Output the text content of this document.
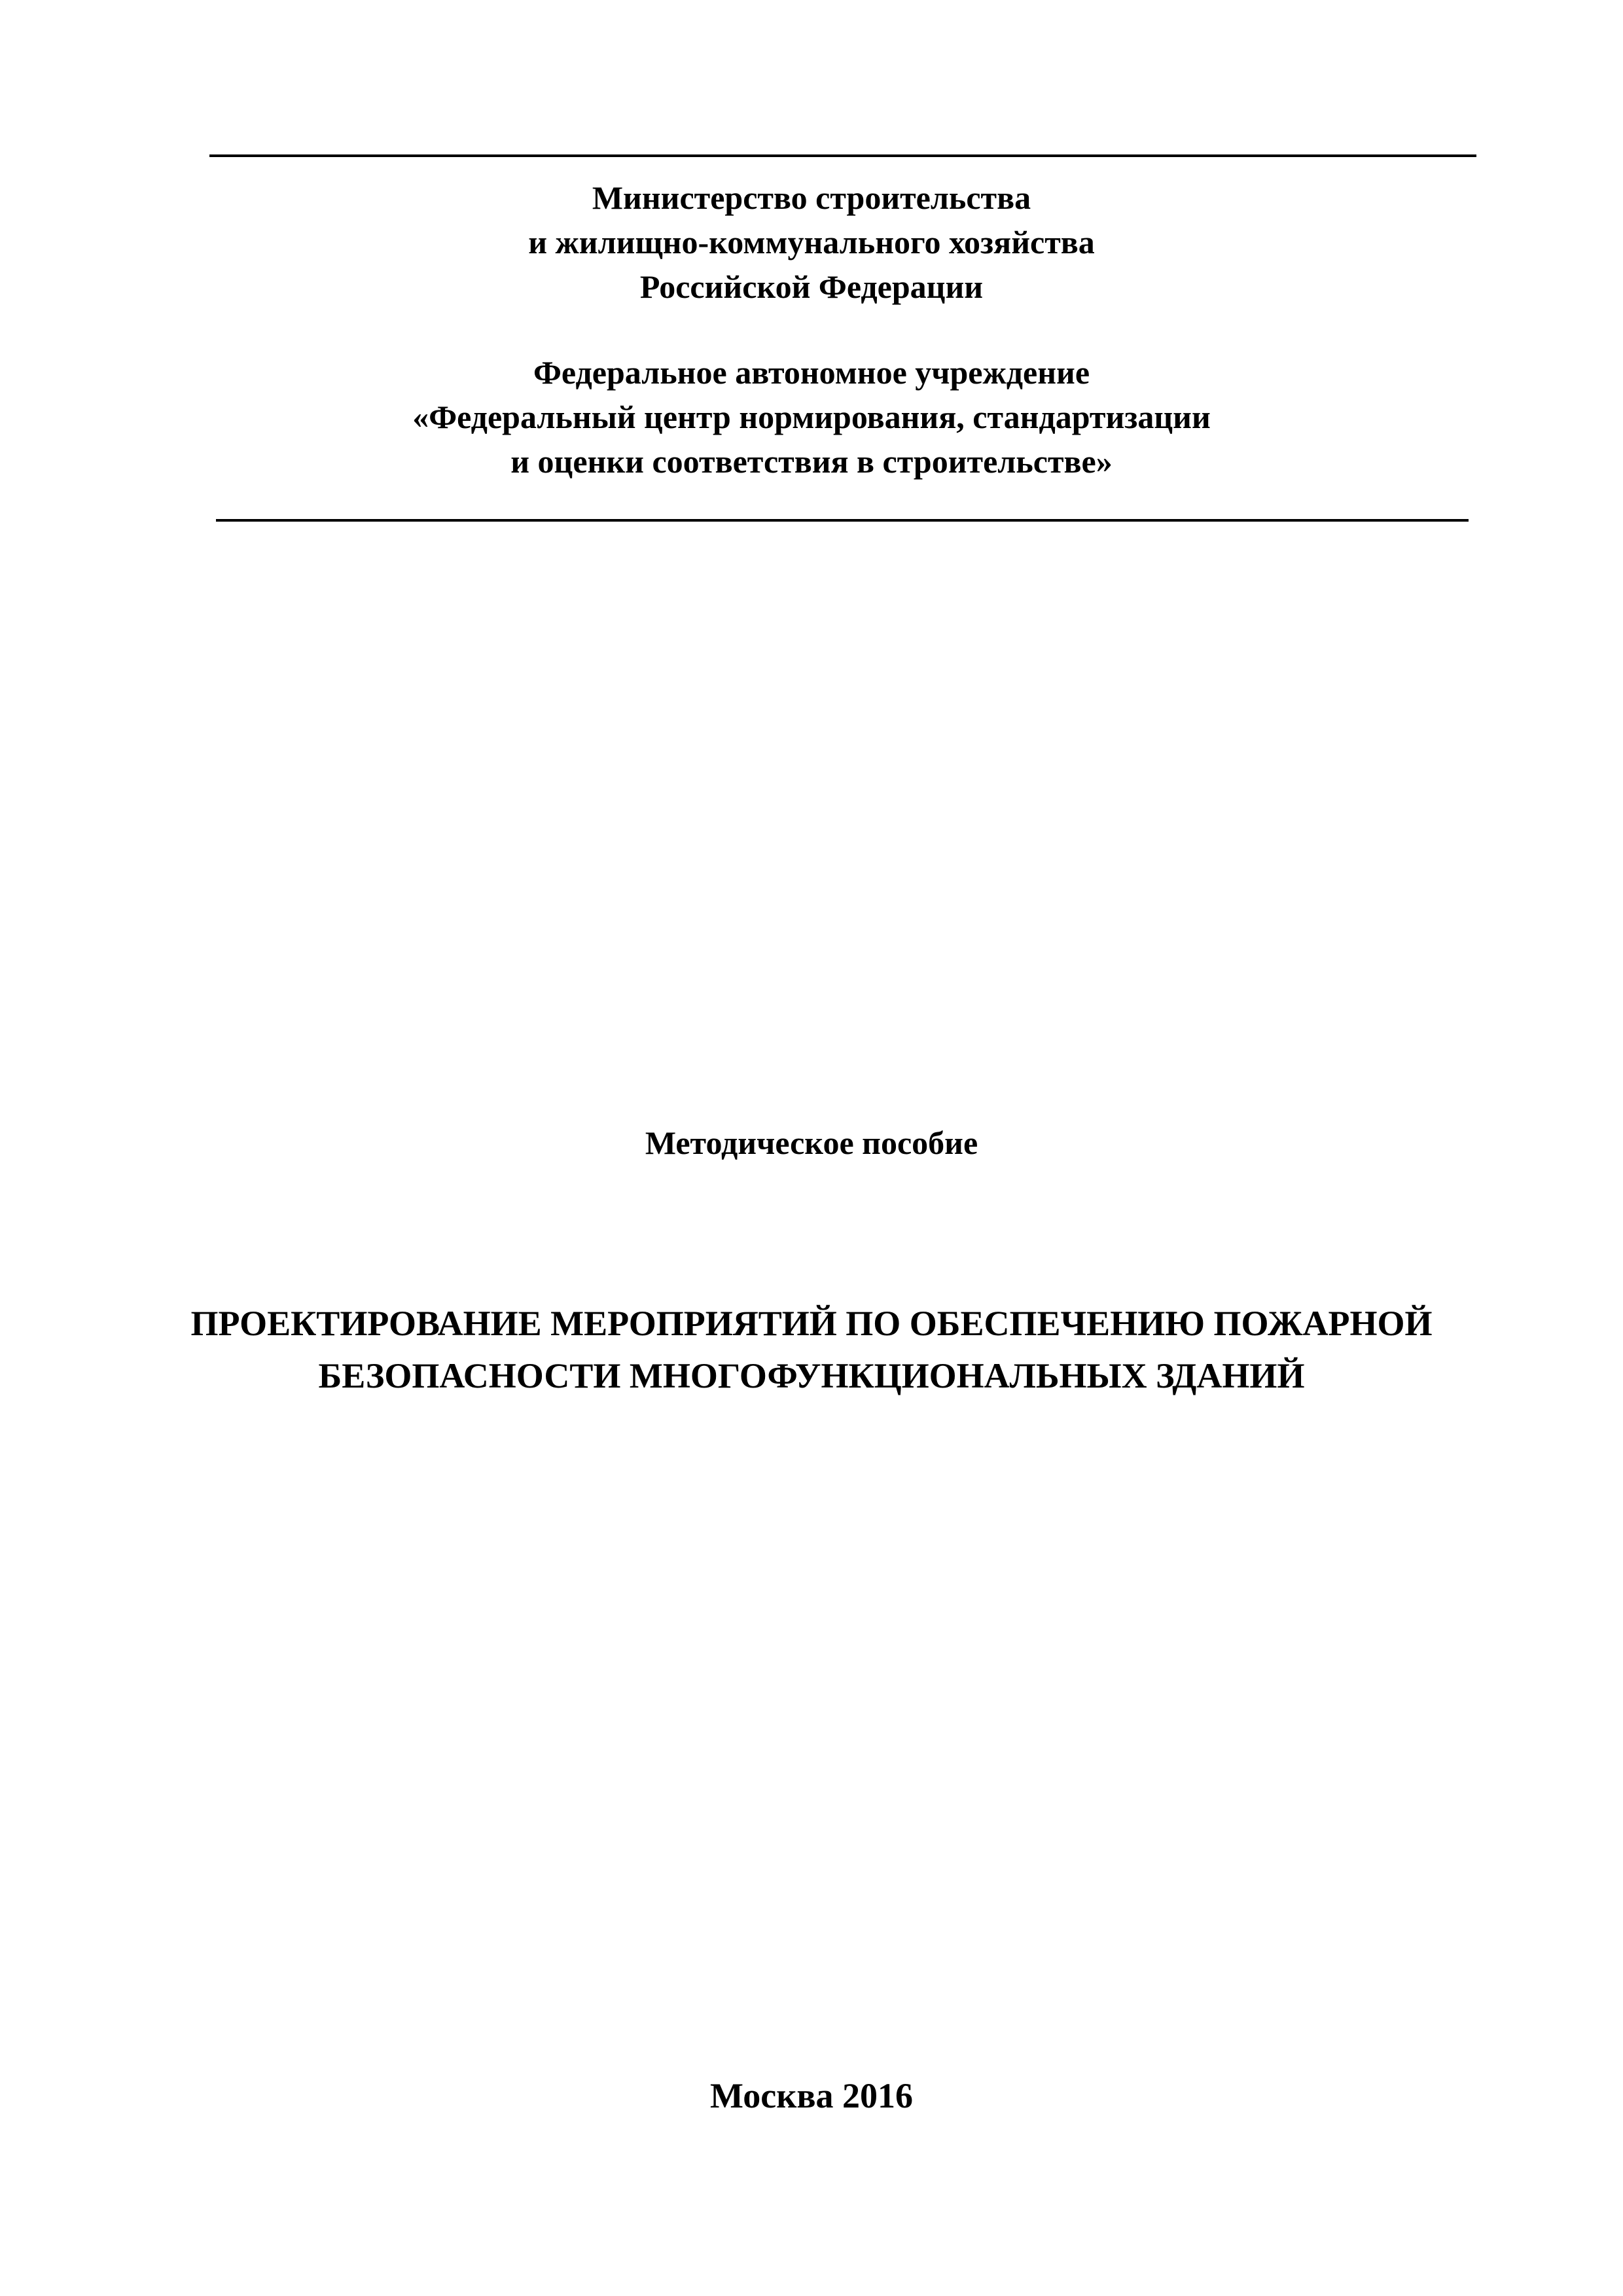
Министерство строительства
и жилищно-коммунального хозяйства
Российской Федерации
Федеральное автономное учреждение
«Федеральный центр нормирования, стандартизации
и оценки соответствия в строительстве»
Методическое пособие
ПРОЕКТИРОВАНИЕ МЕРОПРИЯТИЙ ПО ОБЕСПЕЧЕНИЮ ПОЖАРНОЙ
БЕЗОПАСНОСТИ МНОГОФУНКЦИОНАЛЬНЫХ ЗДАНИЙ
Москва 2016
